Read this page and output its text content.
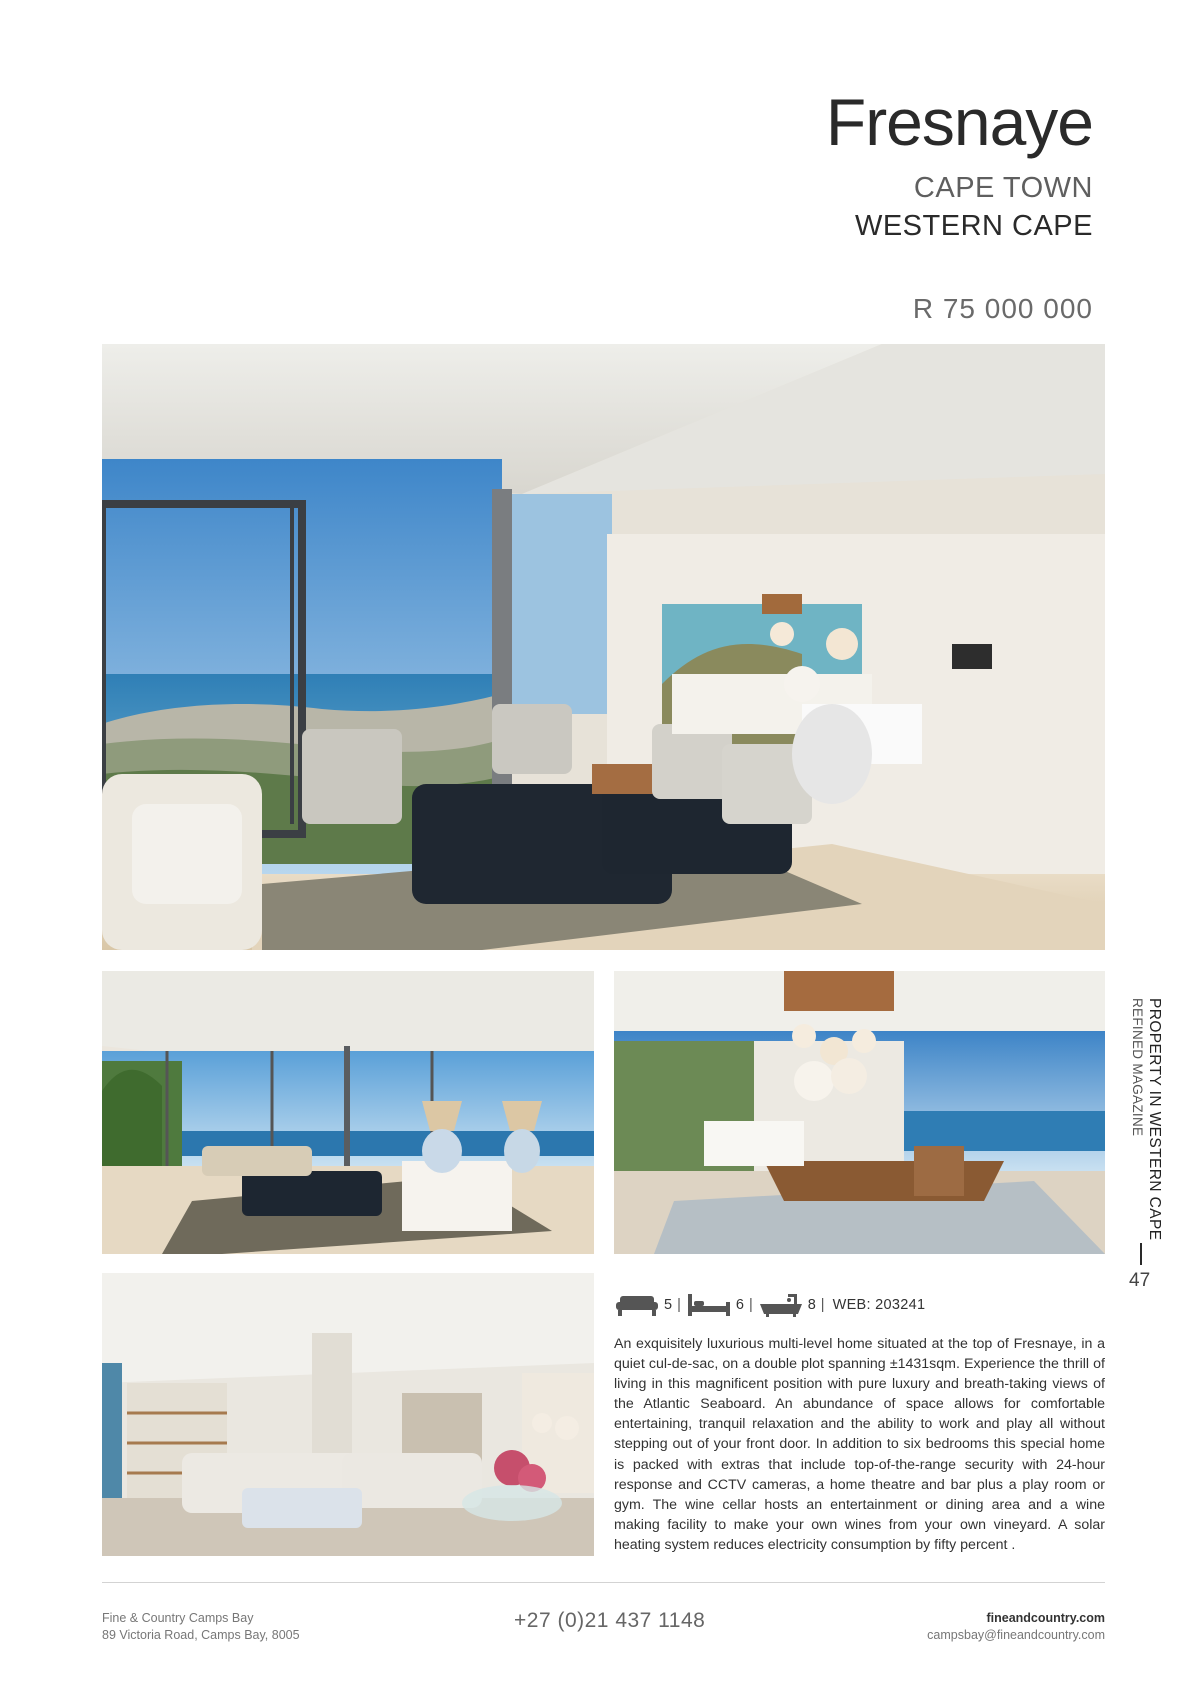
Fresnaye
CAPE TOWN
WESTERN CAPE
R 75 000 000
PROPERTY IN WESTERN CAPE
REFINED MAGAZINE
47
5 |	6 |	8 | WEB: 203241

An exquisitely luxurious multi-level home situated at the top of Fresnaye, in a quiet cul-de-sac, on a double plot spanning ±1431sqm. Experience the thrill of living in this magnificent position with pure luxury and breath-taking views of the Atlantic Seaboard. An abundance of space allows for comfortable entertaining, tranquil relaxation and the ability to work and play all without stepping out of your front door. In addition to six bedrooms this special home is packed with extras that include top-of-the-range security with 24-hour response and CCTV cameras, a home theatre and bar plus a play room or gym. The wine cellar hosts an entertainment or dining area and a wine making facility to make your own wines from your own vineyard. A solar heating system reduces electricity consumption by fifty percent .

Fine & Country Camps Bay
89 Victoria Road, Camps Bay, 8005
+27 (0)21 437 1148	fineandcountry.com
campsbay@fineandcountry.com
